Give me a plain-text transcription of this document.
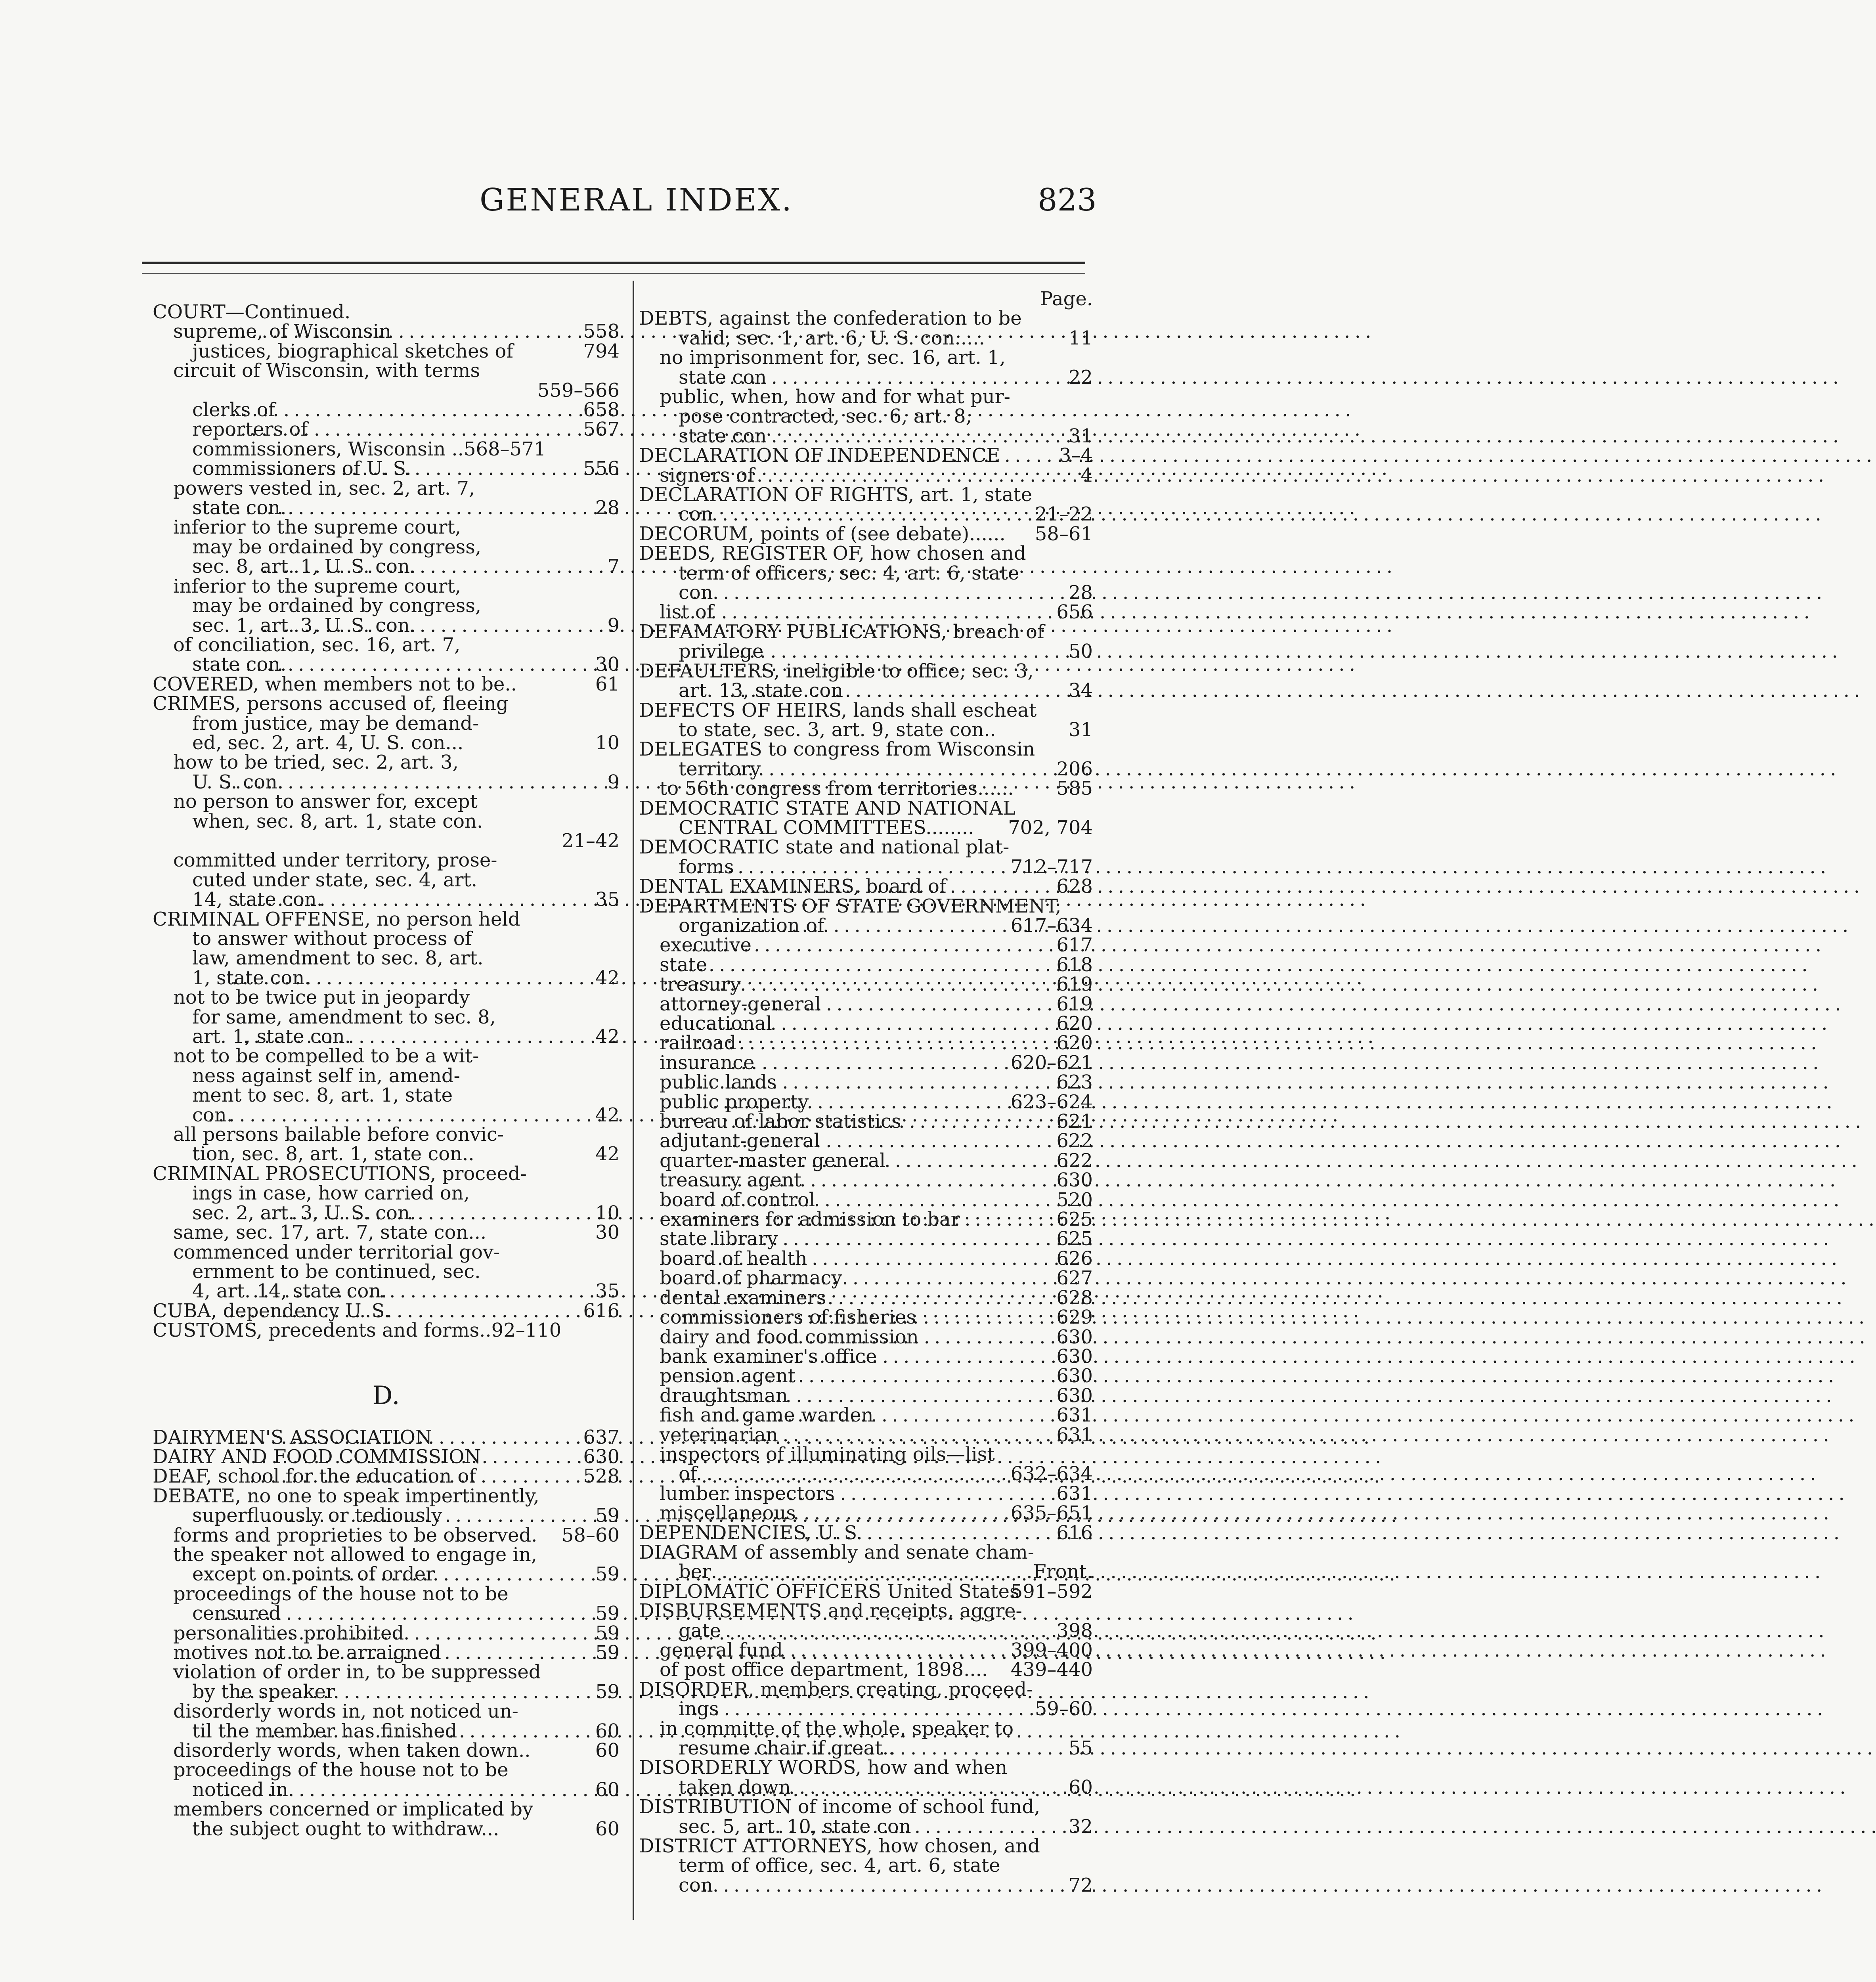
GENERAL INDEX.	823
COURT—Continued.
supreme, of Wisconsin . . .	558
justices, biographical sketches of	794
circuit of Wisconsin, with terms
559–566
clerks of . . .	658
reporters of . . .	567
commissioners, Wisconsin ..568–571
commissioners of U. S. . . .	556
powers vested in, sec. 2, art. 7,
state con. . . .	28
inferior to the supreme court,
may be ordained by congress,
sec. 8, art. 1, U. S. con. . . .	7
inferior to the supreme court,
may be ordained by congress,
sec. 1, art. 3, U. S. con. . . .	9
of conciliation, sec. 16, art. 7,
state con. . . .	30
COVERED, when members not to be..	61
CRIMES, persons accused of, fleeing
from justice, may be demand-
ed, sec. 2, art. 4, U. S. con...	10
how to be tried, sec. 2, art. 3,
U. S. con. . . .	9
no person to answer for, except
when, sec. 8, art. 1, state con.
21–42
committed under territory, prose-
cuted under state, sec. 4, art.
14, state con. . . .	35
CRIMINAL OFFENSE, no person held
to answer without process of
law, amendment to sec. 8, art.
1, state con. . . .	42
not to be twice put in jeopardy
for same, amendment to sec. 8,
art. 1, state con. . . .	42
not to be compelled to be a wit-
ness against self in, amend-
ment to sec. 8, art. 1, state
con. . . .	42
all persons bailable before convic-
tion, sec. 8, art. 1, state con..	42
CRIMINAL PROSECUTIONS, proceed-
ings in case, how carried on,
sec. 2, art. 3, U. S. con. . . .	10
same, sec. 17, art. 7, state con...	30
commenced under territorial gov-
ernment to be continued, sec.
4, art. 14, state con. . . .	35
CUBA, dependency U. S. . . .	616
CUSTOMS, precedents and forms..92–110
D.
DAIRYMEN'S ASSOCIATION . . .	637
DAIRY AND FOOD COMMISSION . . .	630
DEAF, school for the education of . . .	528
DEBATE, no one to speak impertinently,
superfluously or tediously . . .	59
forms and proprieties to be observed. 58–60
the speaker not allowed to engage in,
except on points of order . . .	59
proceedings of the house not to be
censured . . .	59
personalities prohibited . . .	59
motives not to be arraigned . . .	59
violation of order in, to be suppressed
by the speaker . . .	59
disorderly words in, not noticed un-
til the member has finished . . .	60
disorderly words, when taken down..	60
proceedings of the house not to be
noticed in . . .	60
members concerned or implicated by
the subject ought to withdraw...	60
Page.
DEBTS, against the confederation to be
valid, sec. 1, art. 6, U. S. con.....	11
no imprisonment for, sec. 16, art. 1,
state con . . .	22
public, when, how and for what pur-
pose contracted, sec. 6, art. 8,
state con . . .	31
DECLARATION OF INDEPENDENCE . . .	3–4
signers of . . .	4
DECLARATION OF RIGHTS, art. 1, state
con . . .	21–22
DECORUM, points of (see debate)...... 58–61
DEEDS, REGISTER OF, how chosen and
term of officers, sec. 4, art. 6, state
con . . .	28
list of . . .	656
DEFAMATORY PUBLICATIONS, breach of
privilege . . .	50
DEFAULTERS, ineligible to office, sec. 3,
art. 13, state con . . .	34
DEFECTS OF HEIRS, lands shall escheat
to state, sec. 3, art. 9, state con..	31
DELEGATES to congress from Wisconsin
territory . . .	206
to 56th congress from territories...... 585
DEMOCRATIC STATE AND NATIONAL
CENTRAL COMMITTEES........ 702, 704
DEMOCRATIC state and national plat-
forms . . .	712–717
DENTAL EXAMINERS, board of . . .	628
DEPARTMENTS OF STATE GOVERNMENT,
organization of . . .	617–634
executive . . .	617
state . . .	618
treasury . . .	619
attorney-general . . .	619
educational . . .	620
railroad . . .	620
insurance . . .	620–621
public lands . . .	623
public property . . .	623–624
bureau of labor statistics . . .	621
adjutant-general . . .	622
quarter-master general . . .	622
treasury agent . . .	630
board of control . . .	520
examiners for admission to bar . . .	625
state library . . .	625
board of health . . .	626
board of pharmacy . . .	627
dental examiners . . .	628
commissioners of fisheries . . .	629
dairy and food commission . . .	630
bank examiner's office . . .	630
pension agent . . .	630
draughtsman . . .	630
fish and game warden . . .	631
veterinarian . . .	631
inspectors of illuminating oils—list
of . . .	632–634
lumber inspectors . . .	631
miscellaneous . . .	635–651
DEPENDENCIES, U. S. . . .	616
DIAGRAM of assembly and senate cham-
ber . . .	Front.
DIPLOMATIC OFFICERS United States
591–592
DISBURSEMENTS and receipts, aggre-
gate . . .	398
general fund . . .	399–400
of post office department, 1898.... 439–440
DISORDER, members creating, proceed-
ings . . .	59–60
in committe of the whole, speaker to
resume chair if great.. . . .	55
DISORDERLY WORDS, how and when
taken down . . .	60
DISTRIBUTION of income of school fund,
sec. 5, art. 10, state con . . .	32
DISTRICT ATTORNEYS, how chosen, and
term of office, sec. 4, art. 6, state
con . . .	72
